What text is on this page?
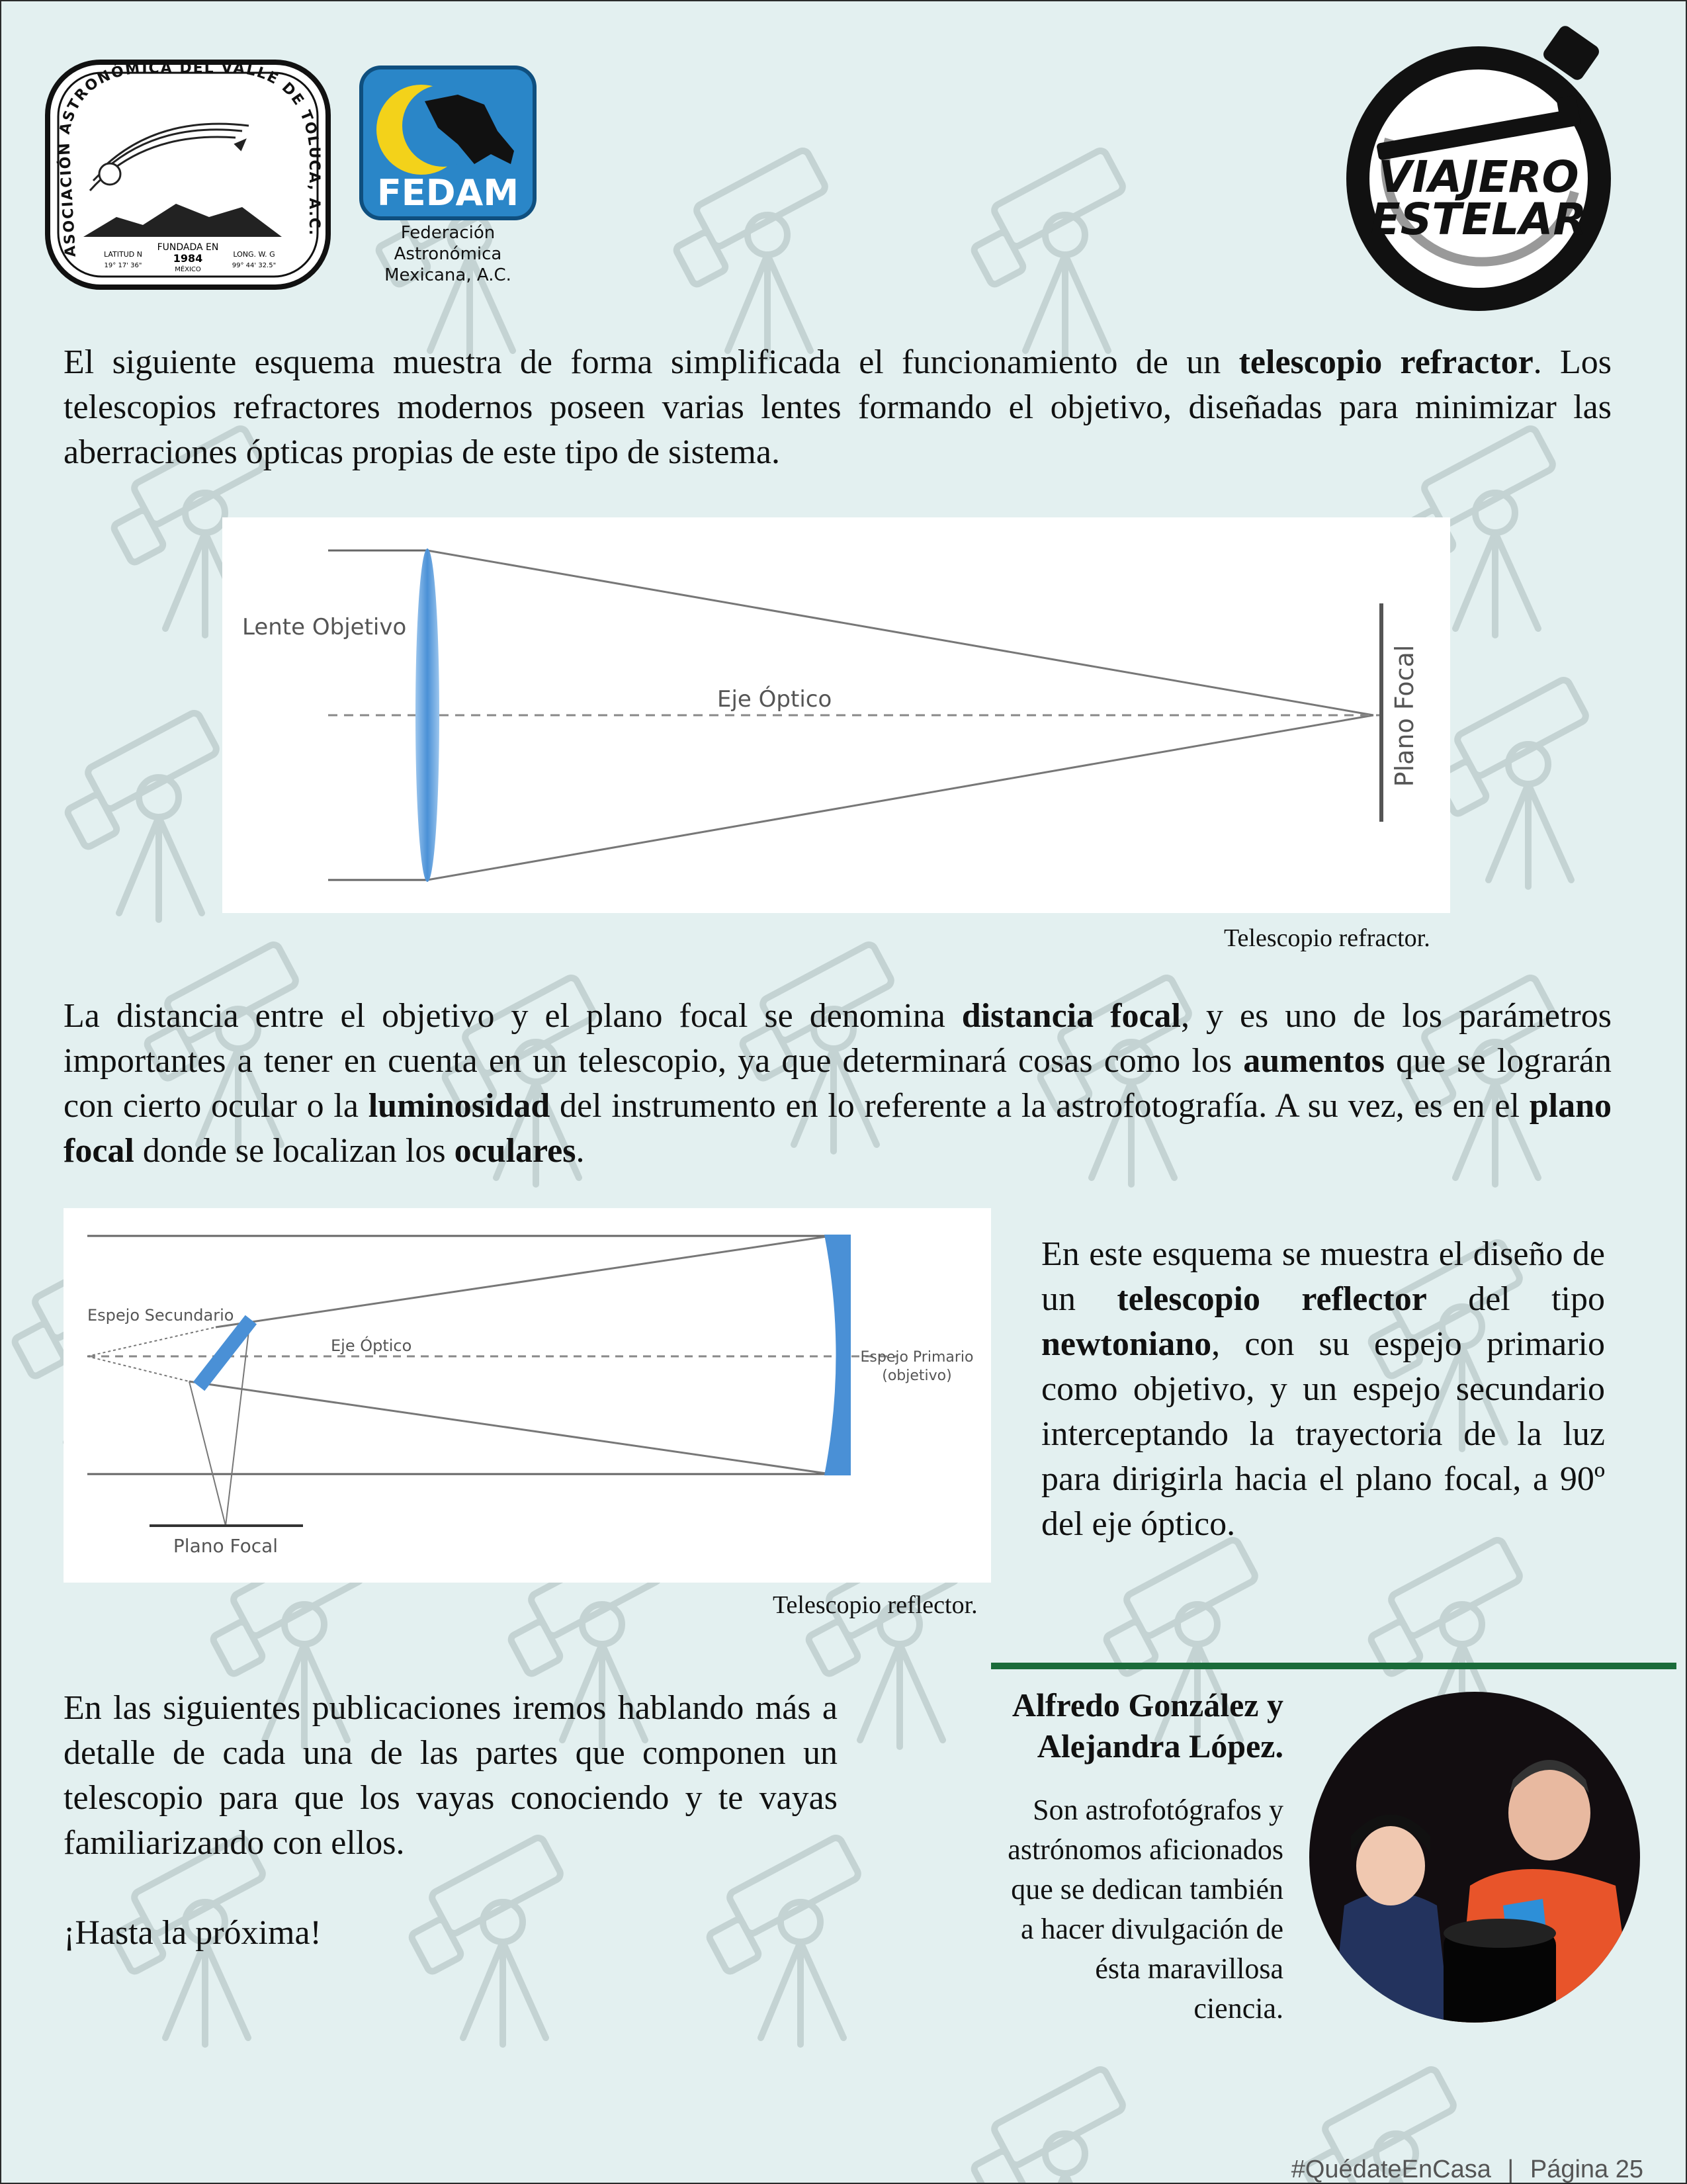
ASOCIACIÓN ASTRONÓMICA DEL VALLE DE TOLUCA, A.C.
FUNDADA EN
1984
MÉXICO
LATITUD N
19° 17' 36"
LONG. W. G
99° 44' 32.5"
FEDAM
Federación
Astronómica
Mexicana, A.C.
VIAJERO
ESTELAR

El siguiente esquema muestra de forma simplificada el funcionamiento de un telescopio refractor. Los telescopios refractores modernos poseen varias lentes formando el objetivo, diseñadas para minimizar las aberraciones ópticas propias de este tipo de sistema.

Lente Objetivo
Eje Óptico	Plano Focal
Telescopio refractor.

La distancia entre el objetivo y el plano focal se denomina distancia focal, y es uno de los parámetros importantes a tener en cuenta en un telescopio, ya que determinará cosas como los aumentos que se lograrán con cierto ocular o la luminosidad del instrumento en lo referente a la astrofotografía. A su vez, es en el plano focal donde se localizan los oculares.

Espejo Secundario
Eje Óptico
Espejo Primario
(objetivo)
Plano Focal
Telescopio reflector.

En este esquema se muestra el diseño de un telescopio reflector del tipo newtoniano, con su espejo primario como objetivo, y un espejo secundario interceptando la trayectoria de la luz para dirigirla hacia el plano focal, a 90º del eje óptico.

En las siguientes publicaciones iremos hablando más a detalle de cada una de las partes que componen un telescopio para que los vayas conociendo y te vayas familiarizando con ellos.

¡Hasta la próxima!

Alfredo González y
Alejandra López.
Son astrofotógrafos y
astrónomos aficionados
que se dedican también
a hacer divulgación de
ésta maravillosa
ciencia.
#QuédateEnCasa | Página 25
